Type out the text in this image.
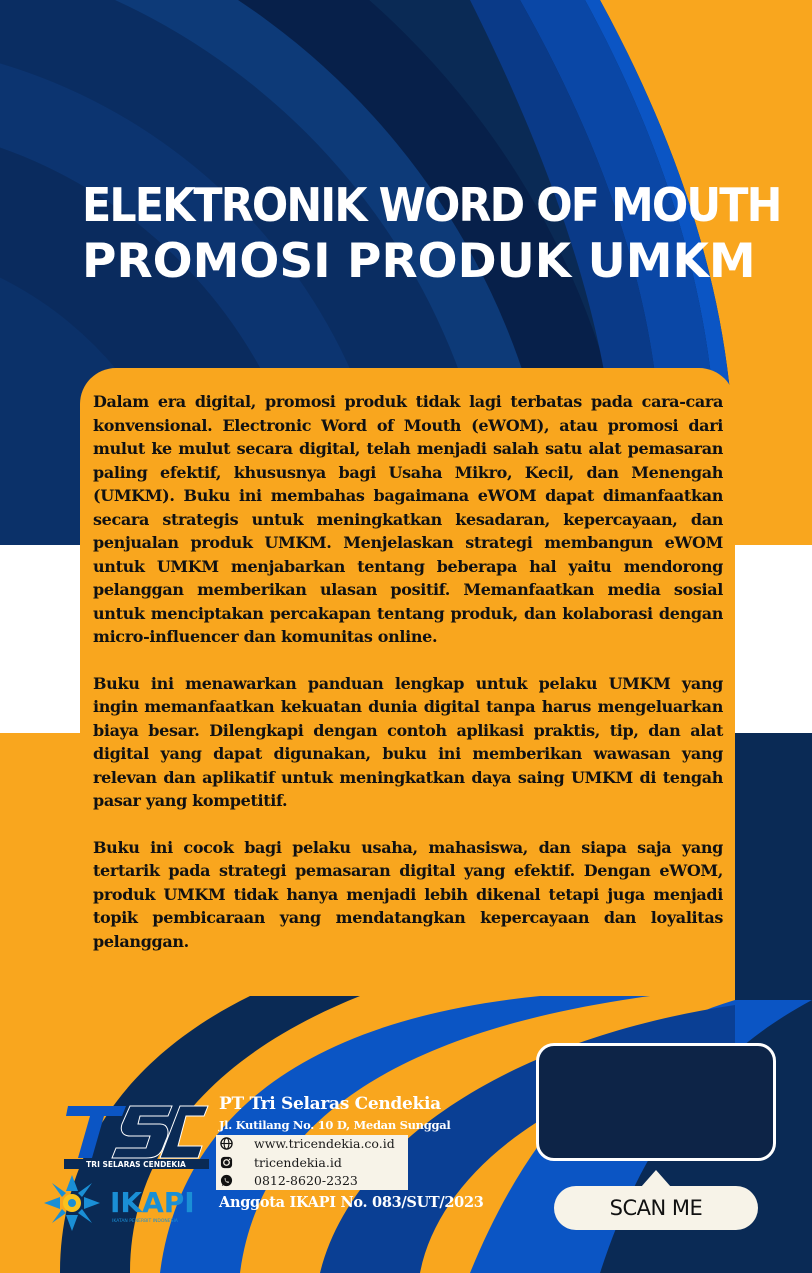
ELEKTRONIK WORD OF MOUTH
PROMOSI PRODUK UMKM

Dalam era digital, promosi produk tidak lagi terbatas pada cara-cara konvensional. Electronic Word of Mouth (eWOM), atau promosi dari mulut ke mulut secara digital, telah menjadi salah satu alat pemasaran paling efektif, khususnya bagi Usaha Mikro, Kecil, dan Menengah (UMKM). Buku ini membahas bagaimana eWOM dapat dimanfaatkan secara strategis untuk meningkatkan kesadaran, kepercayaan, dan penjualan produk UMKM. Menjelaskan strategi membangun eWOM untuk UMKM menjabarkan tentang beberapa hal yaitu mendorong pelanggan memberikan ulasan positif. Memanfaatkan media sosial untuk menciptakan percakapan tentang produk, dan kolaborasi dengan micro-influencer dan komunitas online.

Buku ini menawarkan panduan lengkap untuk pelaku UMKM yang ingin memanfaatkan kekuatan dunia digital tanpa harus mengeluarkan biaya besar. Dilengkapi dengan contoh aplikasi praktis, tip, dan alat digital yang dapat digunakan, buku ini memberikan wawasan yang relevan dan aplikatif untuk meningkatkan daya saing UMKM di tengah pasar yang kompetitif.

Buku ini cocok bagi pelaku usaha, mahasiswa, dan siapa saja yang tertarik pada strategi pemasaran digital yang efektif. Dengan eWOM, produk UMKM tidak hanya menjadi lebih dikenal tetapi juga menjadi topik pembicaraan yang mendatangkan kepercayaan dan loyalitas pelanggan.

TRI SELARAS CENDEKIA
IKAPI
IKATAN PENERBIT INDONESIA
PT Tri Selaras Cendekia
Jl. Kutilang No. 10 D, Medan Sunggal
www.tricendekia.co.id
tricendekia.id
0812-8620-2323
Anggota IKAPI No. 083/SUT/2023	SCAN ME
